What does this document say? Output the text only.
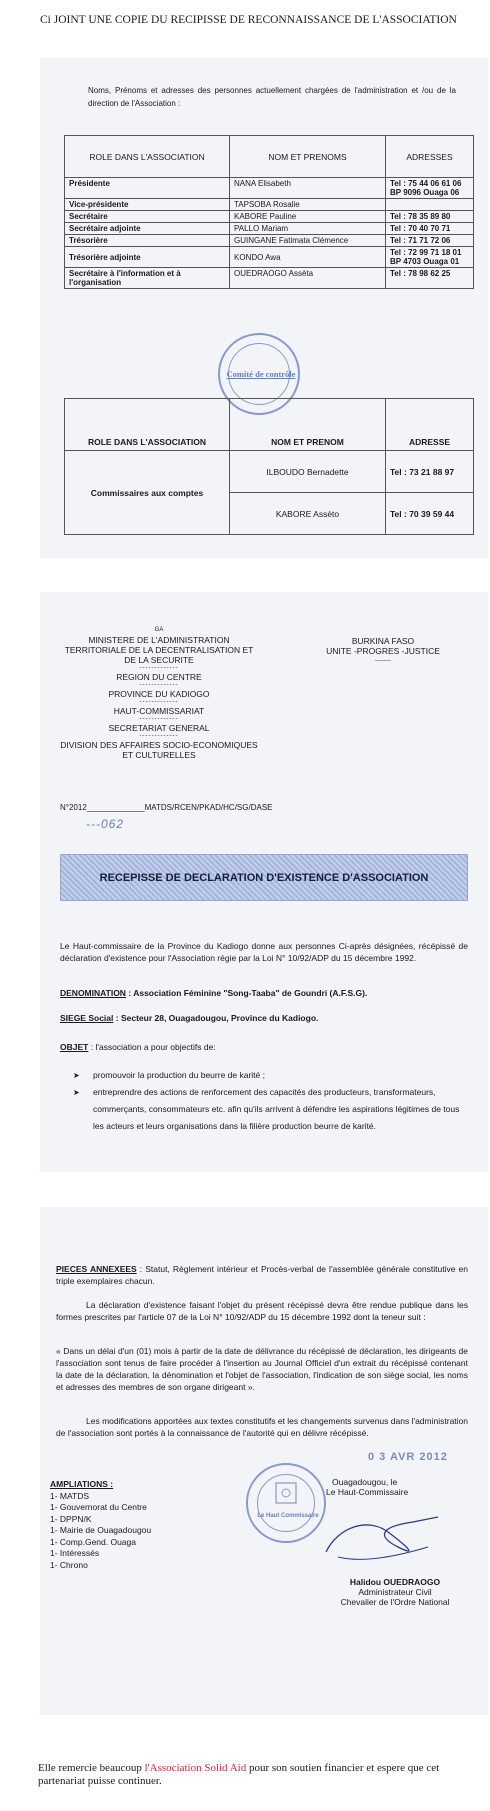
Ci JOINT UNE COPIE DU RECIPISSE DE RECONNAISSANCE DE L'ASSOCIATION
Noms, Prénoms et adresses des personnes actuellement chargées de l'administration et /ou de la direction de l'Association :
ROLE DANS L'ASSOCIATION	NOM ET PRENOMS	ADRESSES
Présidente	NANA Elisabeth	Tel : 75 44 06 61 06 BP 9096 Ouaga 06
Vice-présidente	TAPSOBA Rosalie	
Secrétaire	KABORE Pauline	Tel : 78 35 89 80
Secrétaire adjointe	PALLO Mariam	Tel : 70 40 70 71
Trésorière	GUINGANE Fatimata Clémence	Tel : 71 71 72 06
Trésorière adjointe	KONDO Awa	Tel : 72 99 71 18 01 BP 4703 Ouaga 01
Secrétaire à l'information et à l'organisation	OUEDRAOGO Assèta	Tel : 78 98 62 25
Comité de contrôle
ROLE DANS L'ASSOCIATION	NOM ET PRENOM	ADRESSE
Commissaires aux comptes	ILBOUDO Bernadette	Tel : 73 21 88 97
	KABORE Assèto	Tel : 70 39 59 44
GA
MINISTERE DE L'ADMINISTRATION TERRITORIALE DE LA DECENTRALISATION ET DE LA SECURITE
-------------
REGION DU CENTRE
-------------
PROVINCE DU KADIOGO
-------------
HAUT-COMMISSARIAT
-------------
SECRETARIAT GENERAL
-------------
DIVISION DES AFFAIRES SOCIO-ECONOMIQUES ET CULTURELLES
BURKINA FASO
UNITE -PROGRES -JUSTICE
--------
N°2012_____________MATDS/RCEN/PKAD/HC/SG/DASE
---062
RECEPISSE DE DECLARATION D'EXISTENCE D'ASSOCIATION
Le Haut-commissaire de la Province du Kadiogo donne aux personnes Ci-après désignées, récépissé de déclaration d'existence pour l'Association régie par la Loi N° 10/92/ADP du 15 décembre 1992.
DENOMINATION : Association Féminine "Song-Taaba" de Goundri (A.F.S.G).
SIEGE Social : Secteur 28, Ouagadougou, Province du Kadiogo.
OBJET : l'association a pour objectifs de:
➤ promouvoir la production du beurre de karité ;
➤ entreprendre des actions de renforcement des capacités des producteurs, transformateurs, commerçants, consommateurs etc. afin qu'ils arrivent à défendre les aspirations légitimes de tous les acteurs et leurs organisations dans la filière production beurre de karité.
PIECES ANNEXEES : Statut, Règlement intérieur et Procès-verbal de l'assemblée générale constitutive en triple exemplaires chacun.
La déclaration d'existence faisant l'objet du présent récépissé devra être rendue publique dans les formes prescrites par l'article 07 de la Loi N° 10/92/ADP du 15 décembre 1992 dont la teneur suit :
« Dans un délai d'un (01) mois à partir de la date de délivrance du récépissé de déclaration, les dirigeants de l'association sont tenus de faire procéder à l'insertion au Journal Officiel d'un extrait du récépissé contenant la date de la déclaration, la dénomination et l'objet de l'association, l'indication de son siège social, les noms et adresses des membres de son organe dirigeant ».
Les modifications apportées aux textes constitutifs et les changements survenus dans l'administration de l'association sont portés à la connaissance de l'autorité qui en délivre récépissé.
AMPLIATIONS :
1- MATDS
1- Gouvernorat du Centre
1- DPPN/K
1- Mairie de Ouagadougou
1- Comp.Gend. Ouaga
1- Intéressés
1- Chrono
Le Haut Commissaire
0 3 AVR 2012
Ouagadougou, le
Le Haut-Commissaire
Halidou OUEDRAOGO
Administrateur Civil
Chevalier de l'Ordre National
Elle remercie beaucoup l'Association Solid Aid pour son soutien financier et espere que cet partenariat puisse continuer.
